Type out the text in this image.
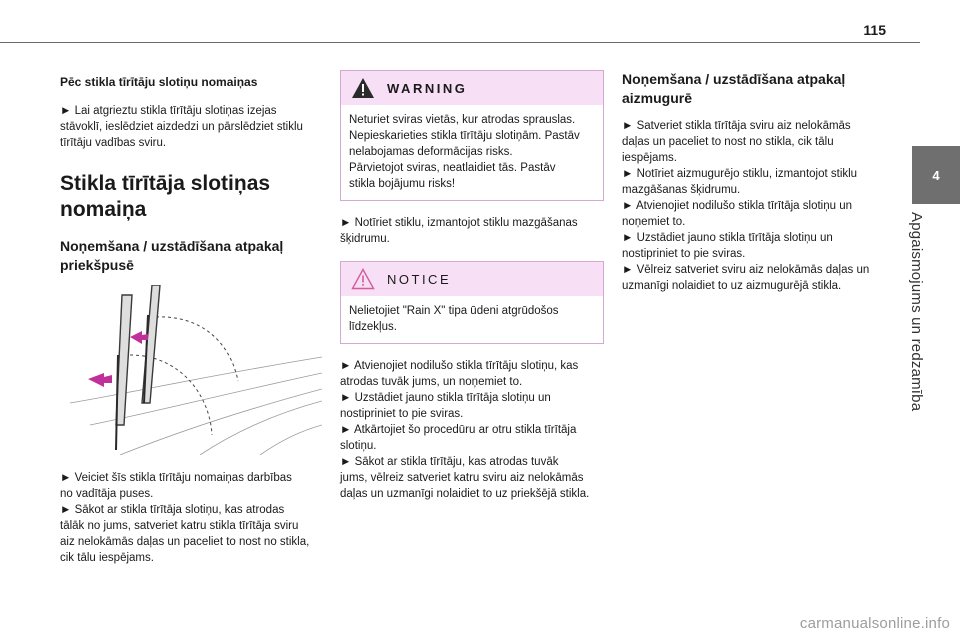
115
4
Apgaismojums un redzamība
Pēc stikla tīrītāju slotiņu nomaiņas

► Lai atgrieztu stikla tīrītāju slotiņas izejas
stāvoklī, ieslēdziet aizdedzi un pārslēdziet stiklu
tīrītāju vadības sviru.

Stikla tīrītāja slotiņas
nomaiņa
Noņemšana / uzstādīšana atpakaļ
priekšpusē

► Veiciet šīs stikla tīrītāju nomaiņas darbības
no vadītāja puses.
► Sākot ar stikla tīrītāja slotiņu, kas atrodas
tālāk no jums, satveriet katru stikla tīrītāja sviru
aiz nelokāmās daļas un paceliet to nost no stikla,
cik tālu iespējams.

WARNING
Neturiet sviras vietās, kur atrodas sprauslas.
Nepieskarieties stikla tīrītāju slotiņām. Pastāv
nelabojamas deformācijas risks.
Pārvietojot sviras, neatlaidiet tās. Pastāv
stikla bojājumu risks!

► Notīriet stiklu, izmantojot stiklu mazgāšanas
šķidrumu.

NOTICE
Nelietojiet "Rain X" tipa ūdeni atgrūdošos
līdzekļus.

► Atvienojiet nodilušo stikla tīrītāju slotiņu, kas
atrodas tuvāk jums, un noņemiet to.
► Uzstādiet jauno stikla tīrītāja slotiņu un
nostipriniet to pie sviras.
► Atkārtojiet šo procedūru ar otru stikla tīrītāja
slotiņu.
► Sākot ar stikla tīrītāju, kas atrodas tuvāk
jums, vēlreiz satveriet katru sviru aiz nelokāmās
daļas un uzmanīgi nolaidiet to uz priekšējā stikla.

Noņemšana / uzstādīšana atpakaļ
aizmugurē

► Satveriet stikla tīrītāja sviru aiz nelokāmās
daļas un paceliet to nost no stikla, cik tālu
iespējams.
► Notīriet aizmugurējo stiklu, izmantojot stiklu
mazgāšanas šķidrumu.
► Atvienojiet nodilušo stikla tīrītāja slotiņu un
noņemiet to.
► Uzstādiet jauno stikla tīrītāja slotiņu un
nostipriniet to pie sviras.
► Vēlreiz satveriet sviru aiz nelokāmās daļas un
uzmanīgi nolaidiet to uz aizmugurējā stikla.

carmanualsonline.info
